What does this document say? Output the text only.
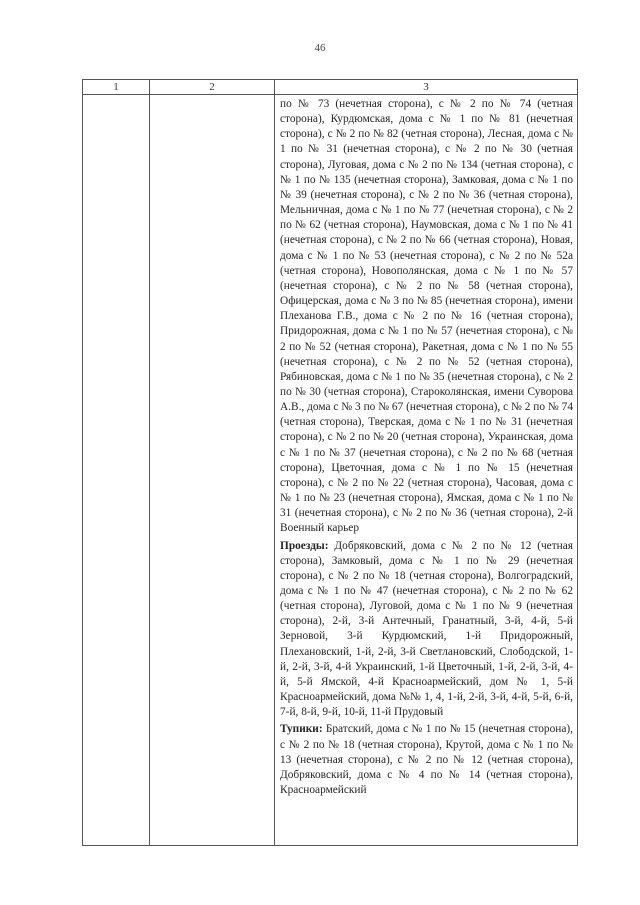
46
1	2	3

		по № 73 (нечетная сторона), с № 2 по № 74 (четная сторона), Курдюмская, дома с № 1 по № 81 (нечетная сторона), с № 2 по № 82 (четная сторона), Лесная, дома с № 1 по № 31 (нечетная сторона), с № 2 по № 30 (четная сторона), Луговая, дома с № 2 по № 134 (четная сторона), с № 1 по № 135 (нечетная сторона), Замковая, дома с № 1 по № 39 (нечетная сторона), с № 2 по № 36 (четная сторона), Мельничная, дома с № 1 по № 77 (нечетная сторона), с № 2 по № 62 (четная сторона), Наумовская, дома с № 1 по № 41 (нечетная сторона), с № 2 по № 66 (четная сторона), Новая, дома с № 1 по № 53 (нечетная сторона), с № 2 по № 52а (четная сторона), Новополянская, дома с № 1 по № 57 (нечетная сторона), с № 2 по № 58 (четная сторона), Офицерская, дома с № 3 по № 85 (нечетная сторона), имени Плеханова Г.В., дома с № 2 по № 16 (четная сторона), Придорожная, дома с № 1 по № 57 (нечетная сторона), с № 2 по № 52 (четная сторона), Ракетная, дома с № 1 по № 55 (нечетная сторона), с № 2 по № 52 (четная сторона), Рябиновская, дома с № 1 по № 35 (нечетная сторона), с № 2 по № 30 (четная сторона), Староколянская, имени Суворова А.В., дома с № 3 по № 67 (нечетная сторона), с № 2 по № 74 (четная сторона), Тверская, дома с № 1 по № 31 (нечетная сторона), с № 2 по № 20 (четная сторона), Украинская, дома с № 1 по № 37 (нечетная сторона), с № 2 по № 68 (четная сторона), Цветочная, дома с № 1 по № 15 (нечетная сторона), с № 2 по № 22 (четная сторона), Часовая, дома с № 1 по № 23 (нечетная сторона), Ямская, дома с № 1 по № 31 (нечетная сторона), с № 2 по № 36 (четная сторона), 2-й Военный карьер

Проезды: Добряковский, дома с № 2 по № 12 (четная сторона), Замковый, дома с № 1 по № 29 (нечетная сторона), с № 2 по № 18 (четная сторона), Волгоградский, дома с № 1 по № 47 (нечетная сторона), с № 2 по № 62 (четная сторона), Луговой, дома с № 1 по № 9 (нечетная сторона), 2-й, 3-й Антечный, Гранатный, 3-й, 4-й, 5-й Зерновой, 3-й Курдюмский, 1-й Придорожный, Плехановский, 1-й, 2-й, 3-й Светлановский, Слободской, 1-й, 2-й, 3-й, 4-й Украинский, 1-й Цветочный, 1-й, 2-й, 3-й, 4-й, 5-й Ямской, 4-й Красноармейский, дом № 1, 5-й Красноармейский, дома №№ 1, 4, 1-й, 2-й, 3-й, 4-й, 5-й, 6-й, 7-й, 8-й, 9-й, 10-й, 11-й Прудовый

Тупики: Братский, дома с № 1 по № 15 (нечетная сторона), с № 2 по № 18 (четная сторона), Крутой, дома с № 1 по № 13 (нечетная сторона), с № 2 по № 12 (четная сторона), Добряковский, дома с № 4 по № 14 (четная сторона), Красноармейский
